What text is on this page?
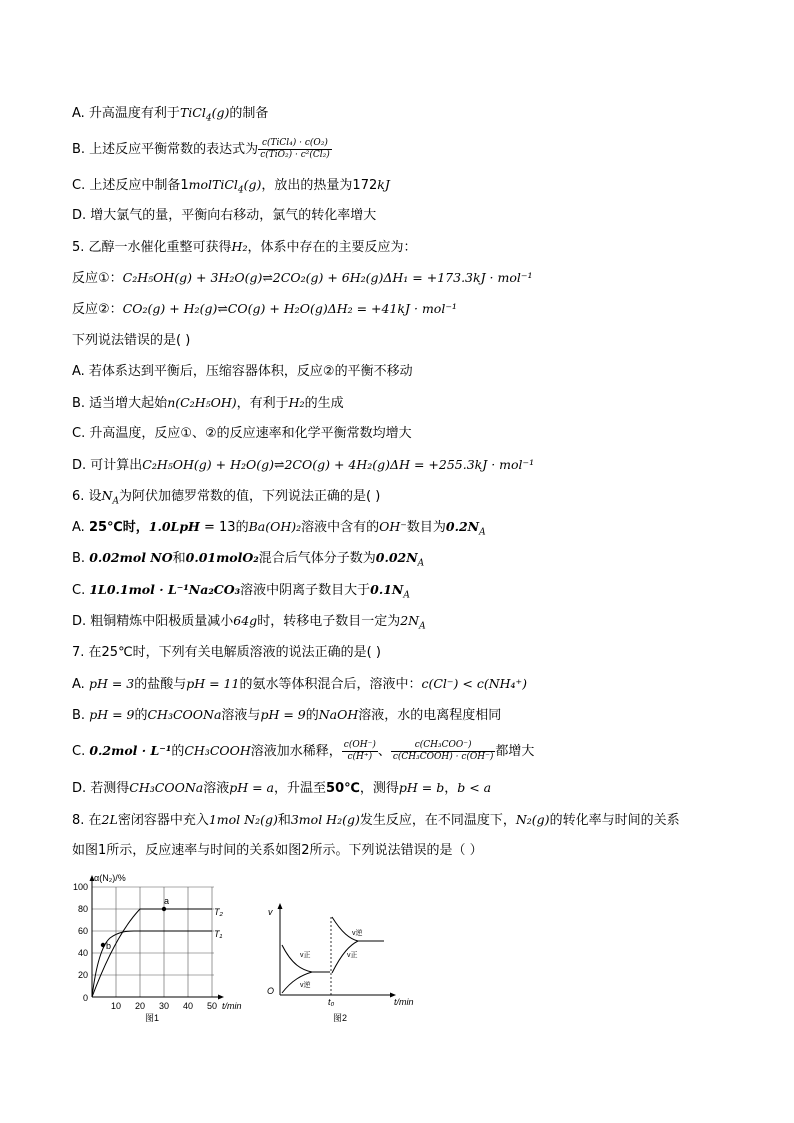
A. 升高温度有利于TiCl$_4$(g)的制备
B. 上述反应平衡常数的表达式为 $\frac{\text{c(TiCl₄) · c(O₂)}}{\text{c(TiO₂) · c²(Cl₂)}}$
C. 上述反应中制备1molTiCl$_4$(g)，放出的热量为172kJ
D. 增大氯气的量，平衡向右移动，氯气的转化率增大
5. 乙醇一水催化重整可获得H₂，体系中存在的主要反应为：
反应①：C₂H₅OH(g) + 3H₂O(g)⇌2CO₂(g) + 6H₂(g)ΔH₁ = +173.3kJ · mol⁻¹
反应②：CO₂(g) + H₂(g)⇌CO(g) + H₂O(g)ΔH₂ = +41kJ · mol⁻¹
下列说法错误的是( )
A. 若体系达到平衡后，压缩容器体积，反应②的平衡不移动
B. 适当增大起始n(C₂H₅OH)，有利于H₂的生成
C. 升高温度，反应①、②的反应速率和化学平衡常数均增大
D. 可计算出C₂H₅OH(g) + H₂O(g)⇌2CO(g) + 4H₂(g)ΔH = +255.3kJ · mol⁻¹
6. 设$N_A$为阿伏加德罗常数的值，下列说法正确的是( )
A. 25℃时，1.0LpH = 13的Ba(OH)₂溶液中含有的OH⁻数目为$0.2N_A$
B. 0.02mol NO和0.01molO₂混合后气体分子数为$0.02N_A$
C. 1L0.1mol · L⁻¹Na₂CO₃溶液中阴离子数目大于$0.1N_A$
D. 粗铜精炼中阳极质量减小64g时，转移电子数目一定为$2N_A$
7. 在25℃时，下列有关电解质溶液的说法正确的是( )
A. pH = 3的盐酸与pH = 11的氨水等体积混合后，溶液中：c(Cl⁻) < c(NH₄⁺)
B. pH = 9的CH₃COONa溶液与pH = 9的NaOH溶液，水的电离程度相同
C. 0.2mol · L⁻¹的CH₃COOH溶液加水稀释， $\frac{c(OH^-)}{c(H^+)}$ 、 $\frac{\text{c(CH₃COO⁻)}}{\text{c(CH₃COOH) · c(OH⁻)}}$ 都增大
D. 若测得CH₃COONa溶液pH = a，升温至50℃，测得pH = b，b < a
8. 在2L密闭容器中充入1mol N₂(g)和3mol H₂(g)发生反应，在不同温度下，N₂(g)的转化率与时间的关系
如图1所示，反应速率与时间的关系如图2所示。下列说法错误的是（ ）
α(N₂)/%
0
20
40
60
80
100
10 20 30 40 50 t/min
a
b
T₂
T₁
图1
v
O
t/min
t₀
v正
v逆
v逆
v正
图2
